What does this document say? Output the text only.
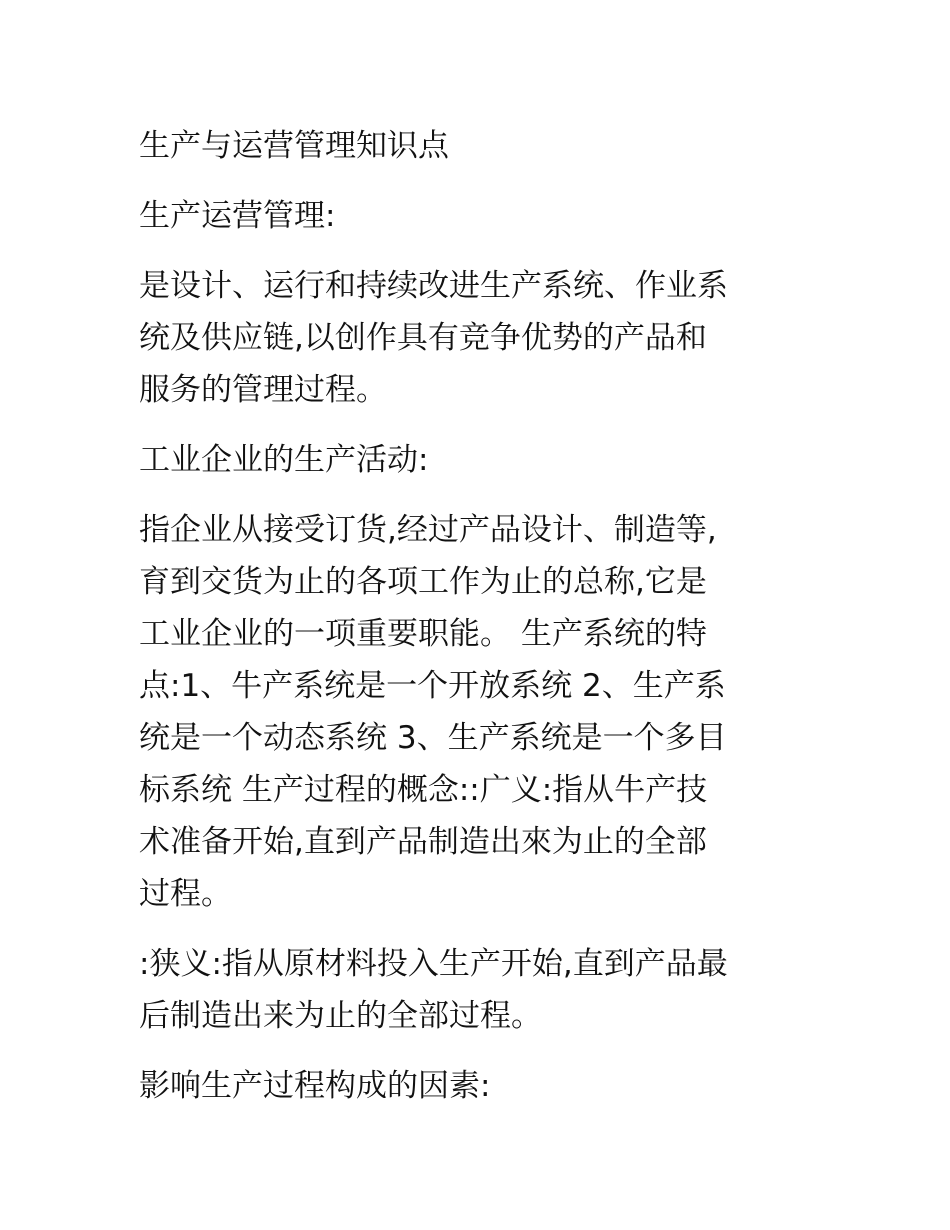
生产与运营管理知识点

生产运营管理:

是设计、运行和持续改进生产系统、作业系
统及供应链,以创作具有竞争优势的产品和
服务的管理过程。

工业企业的生产活动:

指企业从接受订货,经过产品设计、制造等,
育到交货为止的各项工作为止的总称,它是
工业企业的一项重要职能。 生产系统的特
点:1、牛产系统是一个开放系统 2、生产系
统是一个动态系统 3、生产系统是一个多目
标系统 生产过程的概念::广义:指从牛产技
术准备开始,直到产品制造出來为止的全部
过程。

:狭义:指从原材料投入生产开始,直到产品最
后制造出来为止的全部过程。

影响生产过程构成的因素:
